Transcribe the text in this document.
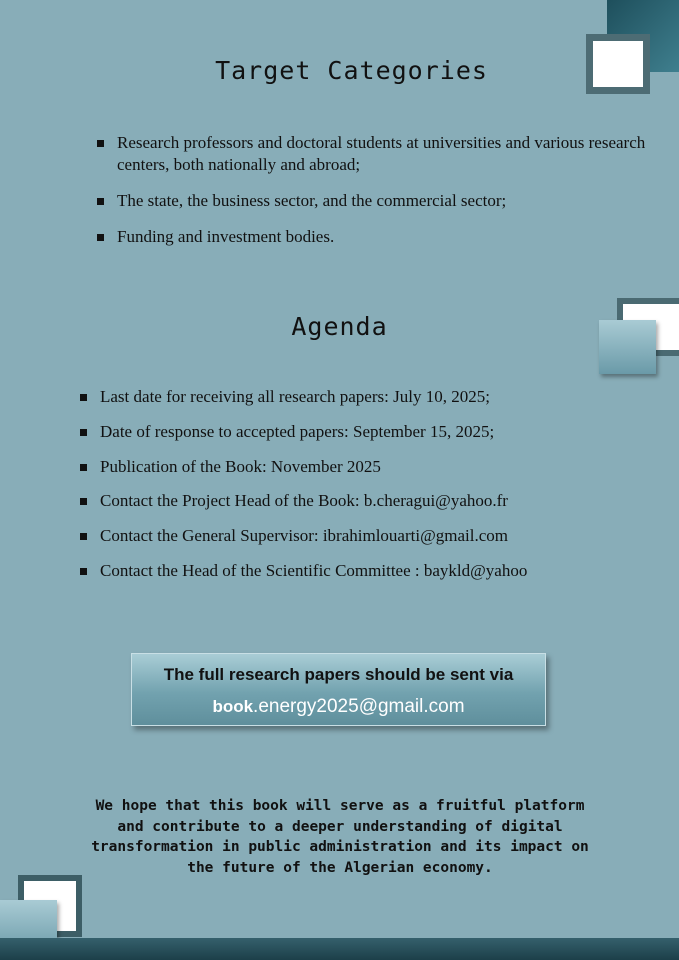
Target Categories
Research professors and doctoral students at universities and various research centers, both nationally and abroad;
The state, the business sector, and the commercial sector;
Funding and investment bodies.
Agenda
Last date for receiving all research papers: July 10, 2025;
Date of response to accepted papers: September 15, 2025;
Publication of the Book: November 2025
Contact the Project Head of the Book: b.cheragui@yahoo.fr
Contact the General Supervisor: ibrahimlouarti@gmail.com
Contact the Head of the Scientific Committee : baykld@yahoo
The full research papers should be sent via
book.energy2025@gmail.com

We hope that this book will serve as a fruitful platform
and contribute to a deeper understanding of digital
transformation in public administration and its impact on
the future of the Algerian economy.
